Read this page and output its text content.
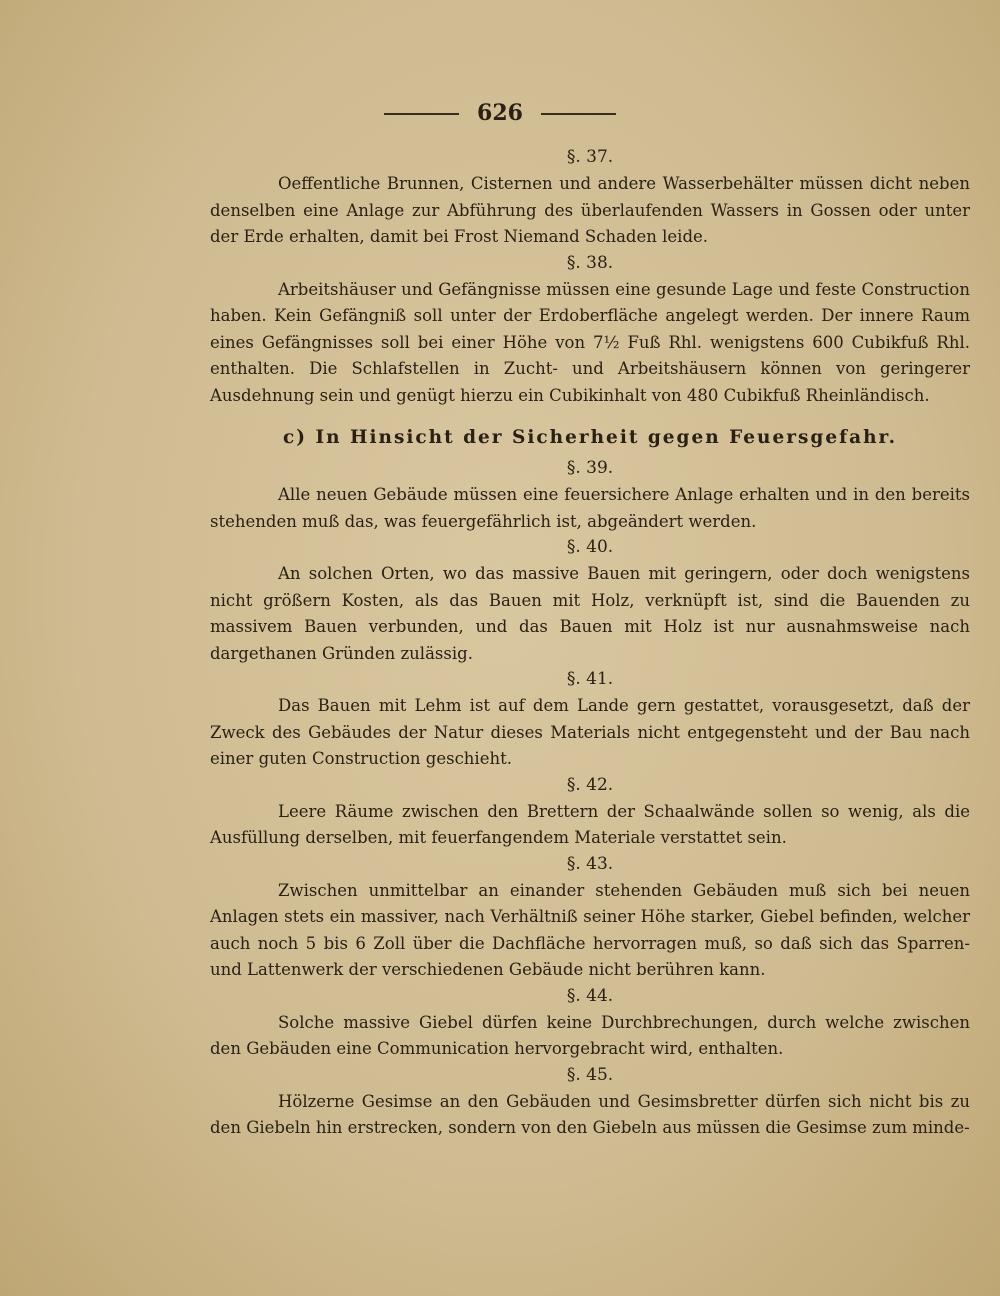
626
§. 37.

Oeffentliche Brunnen, Cisternen und andere Wasserbehälter müssen dicht neben denselben eine Anlage zur Abführung des überlaufenden Wassers in Gossen oder unter der Erde erhalten, damit bei Frost Niemand Schaden leide.

§. 38.

Arbeitshäuser und Gefängnisse müssen eine gesunde Lage und feste Construction haben. Kein Gefängniß soll unter der Erdoberfläche angelegt werden. Der innere Raum eines Gefängnisses soll bei einer Höhe von 7½ Fuß Rhl. wenigstens 600 Cubikfuß Rhl. enthalten. Die Schlafstellen in Zucht- und Arbeitshäusern können von geringerer Ausdehnung sein und genügt hierzu ein Cubikinhalt von 480 Cubikfuß Rheinländisch.

c) In Hinsicht der Sicherheit gegen Feuersgefahr.
§. 39.

Alle neuen Gebäude müssen eine feuersichere Anlage erhalten und in den bereits stehenden muß das, was feuergefährlich ist, abgeändert werden.

§. 40.

An solchen Orten, wo das massive Bauen mit geringern, oder doch wenigstens nicht größern Kosten, als das Bauen mit Holz, verknüpft ist, sind die Bauenden zu massivem Bauen verbunden, und das Bauen mit Holz ist nur ausnahmsweise nach dargethanen Gründen zulässig.

§. 41.

Das Bauen mit Lehm ist auf dem Lande gern gestattet, vorausgesetzt, daß der Zweck des Gebäudes der Natur dieses Materials nicht entgegensteht und der Bau nach einer guten Construction geschieht.

§. 42.

Leere Räume zwischen den Brettern der Schaalwände sollen so wenig, als die Ausfüllung derselben, mit feuerfangendem Materiale verstattet sein.

§. 43.

Zwischen unmittelbar an einander stehenden Gebäuden muß sich bei neuen Anlagen stets ein massiver, nach Verhältniß seiner Höhe starker, Giebel befinden, welcher auch noch 5 bis 6 Zoll über die Dachfläche hervorragen muß, so daß sich das Sparren- und Lattenwerk der verschiedenen Gebäude nicht berühren kann.

§. 44.

Solche massive Giebel dürfen keine Durchbrechungen, durch welche zwischen den Gebäuden eine Communication hervorgebracht wird, enthalten.

§. 45.

Hölzerne Gesimse an den Gebäuden und Gesimsbretter dürfen sich nicht bis zu den Giebeln hin erstrecken, sondern von den Giebeln aus müssen die Gesimse zum minde-
